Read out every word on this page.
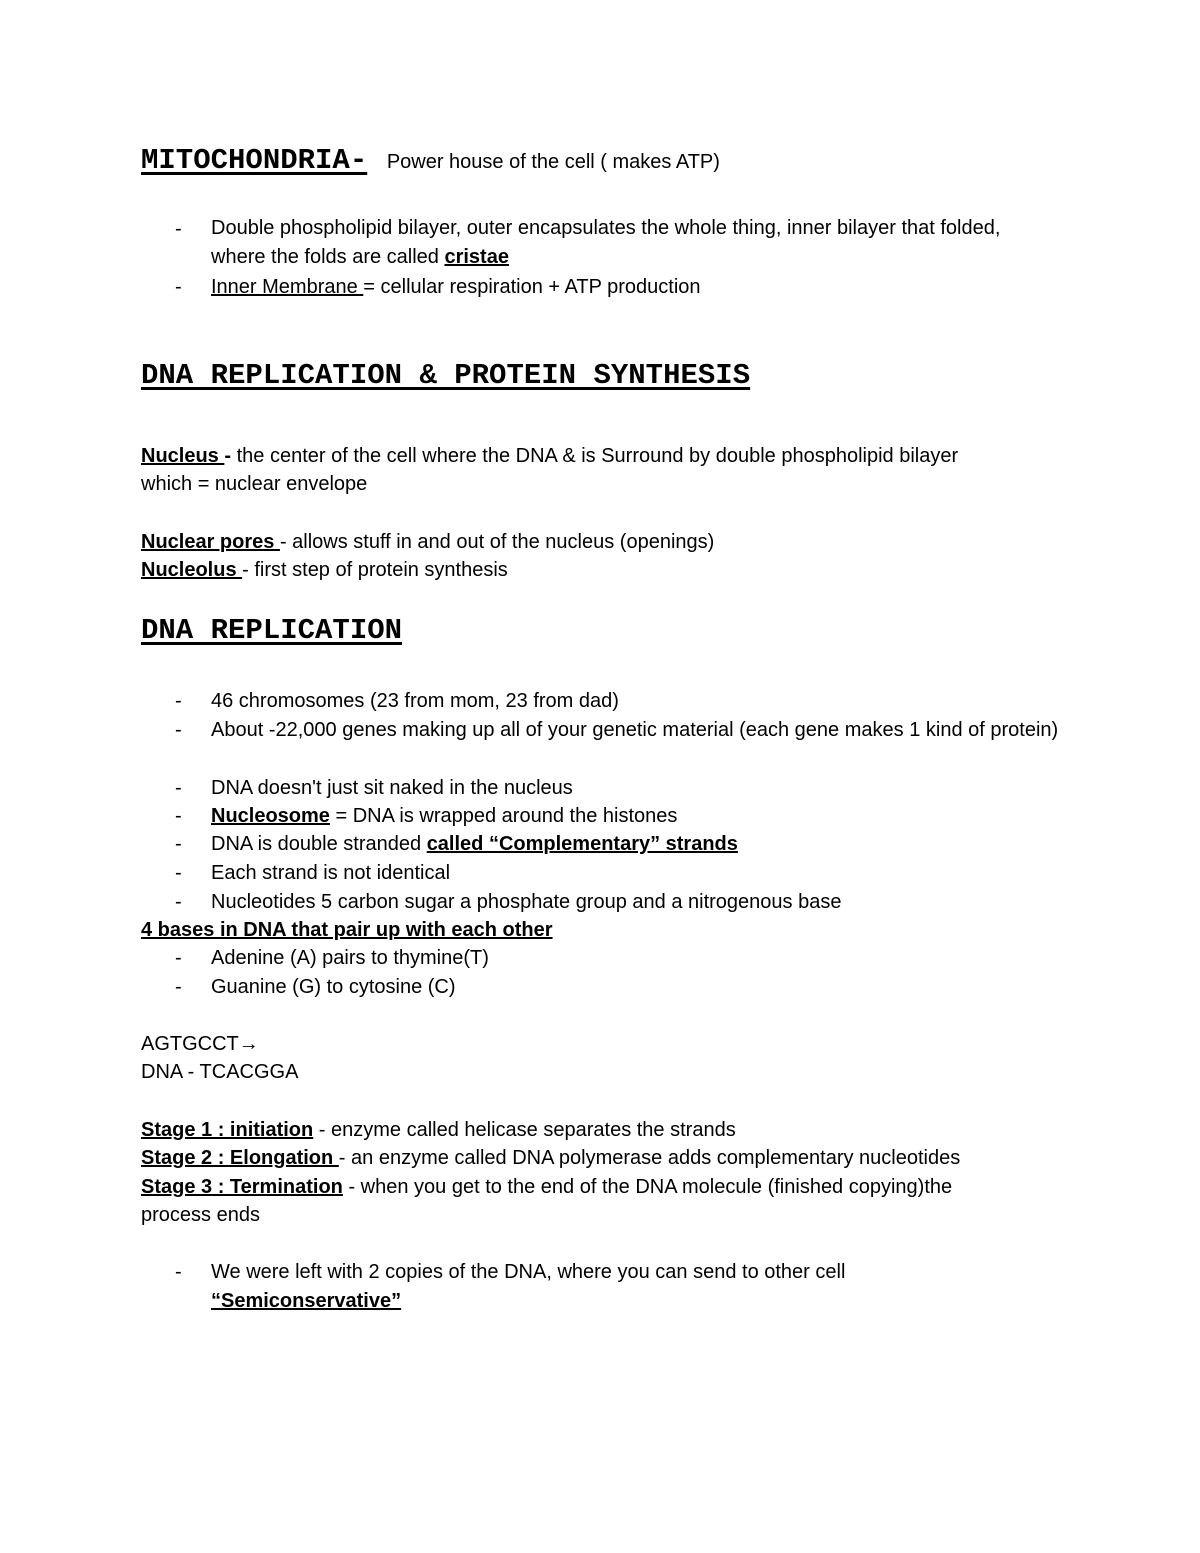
MITOCHONDRIA- Power house of the cell ( makes ATP)
- Double phospholipid bilayer, outer encapsulates the whole thing, inner bilayer that folded, where the folds are called cristae
- Inner Membrane = cellular respiration + ATP production
DNA REPLICATION & PROTEIN SYNTHESIS
Nucleus - the center of the cell where the DNA & is Surround by double phospholipid bilayer
which = nuclear envelope
Nuclear pores - allows stuff in and out of the nucleus (openings)
Nucleolus - first step of protein synthesis
DNA REPLICATION
- 46 chromosomes (23 from mom, 23 from dad)
- About -22,000 genes making up all of your genetic material (each gene makes 1 kind of protein)
- DNA doesn't just sit naked in the nucleus
- Nucleosome = DNA is wrapped around the histones
- DNA is double stranded called “Complementary” strands
- Each strand is not identical
- Nucleotides 5 carbon sugar a phosphate group and a nitrogenous base
4 bases in DNA that pair up with each other
- Adenine (A) pairs to thymine(T)
- Guanine (G) to cytosine (C)
AGTGCCT→
DNA - TCACGGA
Stage 1 : initiation - enzyme called helicase separates the strands
Stage 2 : Elongation - an enzyme called DNA polymerase adds complementary nucleotides
Stage 3 : Termination - when you get to the end of the DNA molecule (finished copying)the
process ends
- We were left with 2 copies of the DNA, where you can send to other cell
“Semiconservative”
